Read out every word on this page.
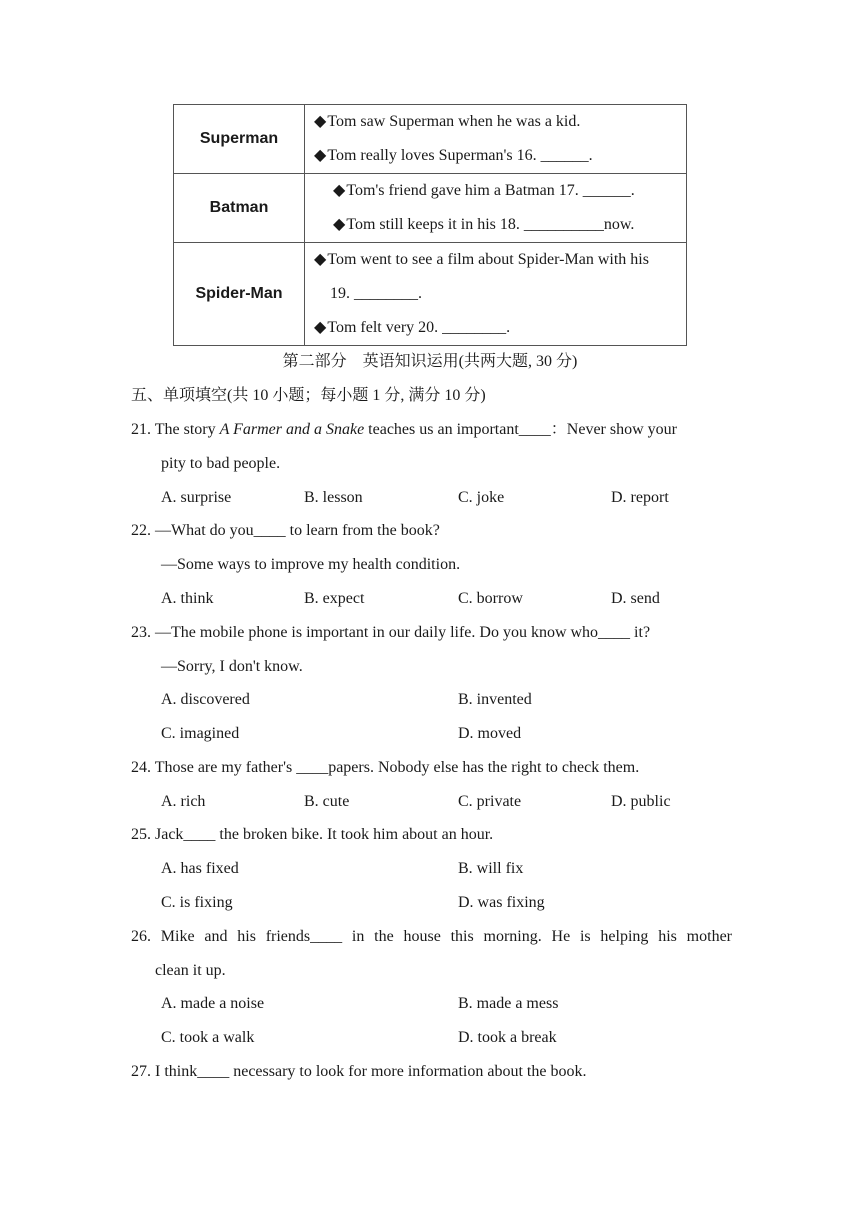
Superman	◆Tom saw Superman when he was a kid.
◆Tom really loves Superman's 16. ______.

Batman	◆Tom's friend gave him a Batman 17. ______.
◆Tom still keeps it in his 18. __________now.

Spider-Man	◆Tom went to see a film about Spider-Man with his
19. ________.
◆Tom felt very 20. ________.
第二部分　英语知识运用(共两大题, 30 分)
五、单项填空(共 10 小题；每小题 1 分, 满分 10 分)
21. The story A Farmer and a Snake teaches us an important____：Never show your
pity to bad people.
A. surprise	B. lesson	C. joke	D. report
22. —What do you____ to learn from the book?
—Some ways to improve my health condition.
A. think	B. expect	C. borrow	D. send
23. —The mobile phone is important in our daily life. Do you know who____ it?
—Sorry, I don't know.
A. discovered	B. invented
C. imagined	D. moved
24. Those are my father's ____papers. Nobody else has the right to check them.
A. rich	B. cute	C. private	D. public
25. Jack____ the broken bike. It took him about an hour.
A. has fixed	B. will fix
C. is fixing	D. was fixing
26. Mike and his friends____ in the house this morning. He is helping his mother
clean it up.
A. made a noise	B. made a mess
C. took a walk	D. took a break
27. I think____ necessary to look for more information about the book.
